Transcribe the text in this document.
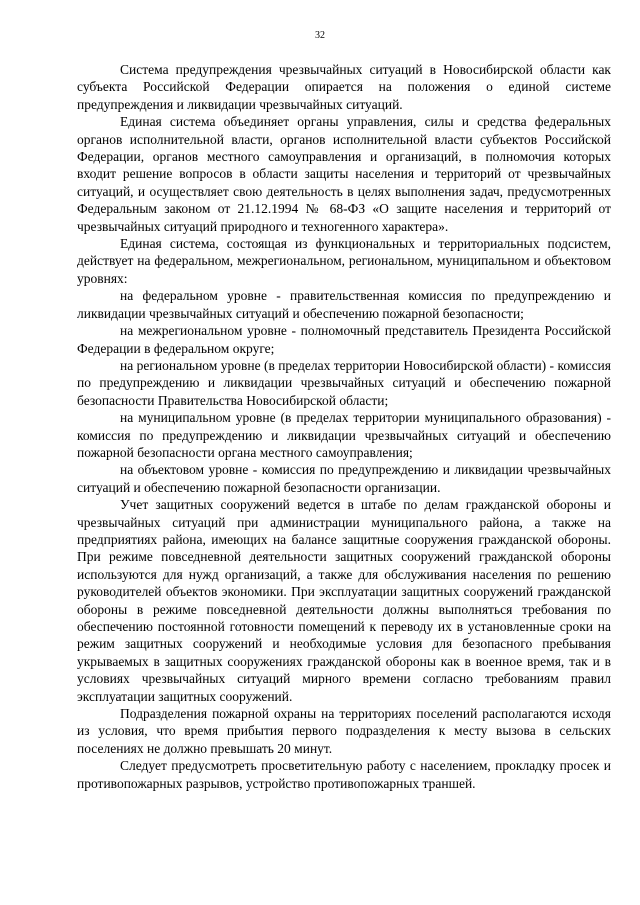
32

Система предупреждения чрезвычайных ситуаций в Новосибирской области как субъекта Российской Федерации опирается на положения о единой системе предупреждения и ликвидации чрезвычайных ситуаций.

Единая система объединяет органы управления, силы и средства федеральных органов исполнительной власти, органов исполнительной власти субъектов Российской Федерации, органов местного самоуправления и организаций, в полномочия которых входит решение вопросов в области защиты населения и территорий от чрезвычайных ситуаций, и осуществляет свою деятельность в целях выполнения задач, предусмотренных Федеральным законом от 21.12.1994 № 68-ФЗ «О защите населения и территорий от чрезвычайных ситуаций природного и техногенного характера».

Единая система, состоящая из функциональных и территориальных подсистем, действует на федеральном, межрегиональном, региональном, муниципальном и объектовом уровнях:

на федеральном уровне - правительственная комиссия по предупреждению и ликвидации чрезвычайных ситуаций и обеспечению пожарной безопасности;

на межрегиональном уровне - полномочный представитель Президента Российской Федерации в федеральном округе;

на региональном уровне (в пределах территории Новосибирской области) - комиссия по предупреждению и ликвидации чрезвычайных ситуаций и обеспечению пожарной безопасности Правительства Новосибирской области;

на муниципальном уровне (в пределах территории муниципального образования) - комиссия по предупреждению и ликвидации чрезвычайных ситуаций и обеспечению пожарной безопасности органа местного самоуправления;

на объектовом уровне - комиссия по предупреждению и ликвидации чрезвычайных ситуаций и обеспечению пожарной безопасности организации.

Учет защитных сооружений ведется в штабе по делам гражданской обороны и чрезвычайных ситуаций при администрации муниципального района, а также на предприятиях района, имеющих на балансе защитные сооружения гражданской обороны. При режиме повседневной деятельности защитных сооружений гражданской обороны используются для нужд организаций, а также для обслуживания населения по решению руководителей объектов экономики. При эксплуатации защитных сооружений гражданской обороны в режиме повседневной деятельности должны выполняться требования по обеспечению постоянной готовности помещений к переводу их в установленные сроки на режим защитных сооружений и необходимые условия для безопасного пребывания укрываемых в защитных сооружениях гражданской обороны как в военное время, так и в условиях чрезвычайных ситуаций мирного времени согласно требованиям правил эксплуатации защитных сооружений.

Подразделения пожарной охраны на территориях поселений располагаются исходя из условия, что время прибытия первого подразделения к месту вызова в сельских поселениях не должно превышать 20 минут.

Следует предусмотреть просветительную работу с населением, прокладку просек и противопожарных разрывов, устройство противопожарных траншей.
